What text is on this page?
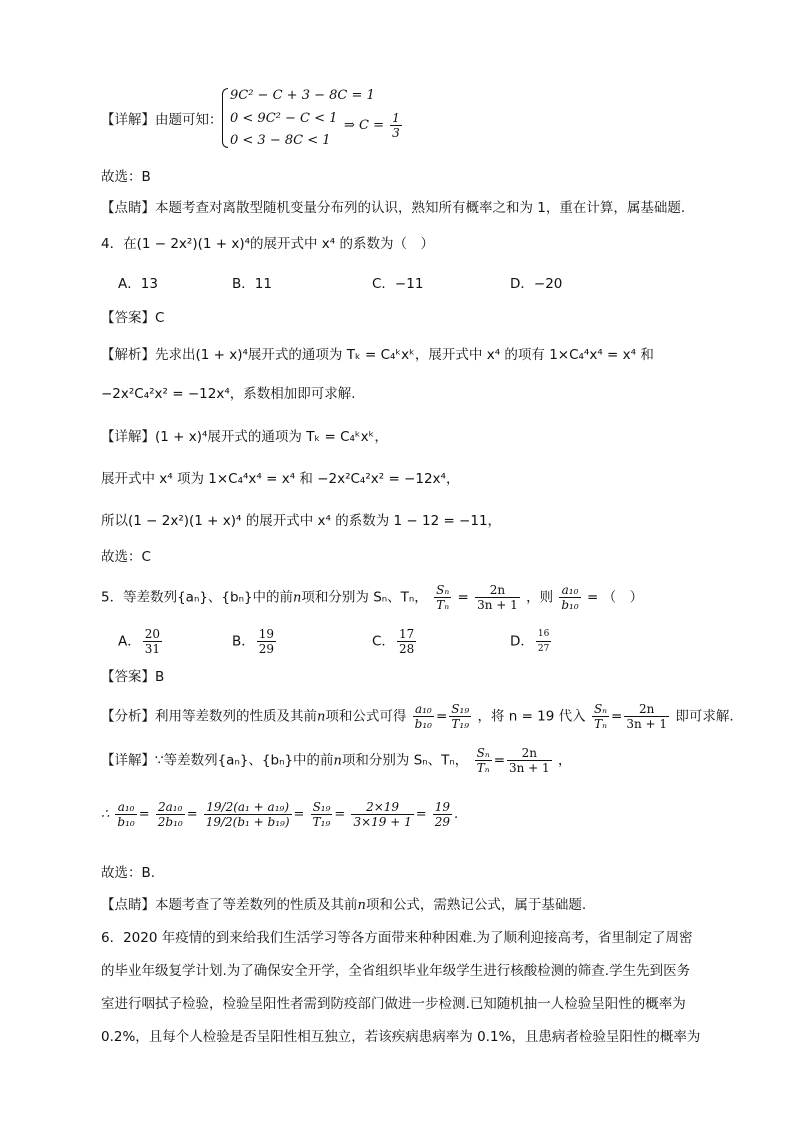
【详解】由题可知：
9C² − C + 3 − 8C = 1
0 < 9C² − C < 1
0 < 3 − 8C < 1
⇒ $C = \frac{1}{3}$
故选：B
【点睛】本题考查对离散型随机变量分布列的认识，熟知所有概率之和为 1，重在计算，属基础题.
4．在(1 − 2x²)(1 + x)⁴的展开式中 x⁴ 的系数为（　）
A．13	B．11	C．−11	D．−20
【答案】C
【解析】先求出(1 + x)⁴展开式的通项为 Tₖ = C₄ᵏxᵏ，展开式中 x⁴ 的项有 1×C₄⁴x⁴ = x⁴ 和
−2x²C₄²x² = −12x⁴，系数相加即可求解.
【详解】(1 + x)⁴展开式的通项为 Tₖ = C₄ᵏxᵏ，
展开式中 x⁴ 项为 1×C₄⁴x⁴ = x⁴ 和 −2x²C₄²x² = −12x⁴，
所以(1 − 2x²)(1 + x)⁴ 的展开式中 x⁴ 的系数为 1 − 12 = −11，
故选：C
5．等差数列{aₙ}、{bₙ}中的前n项和分别为 Sₙ、Tₙ， $\frac{\text{Sₙ}}{\text{Tₙ}} = \frac{2n}{3n + 1}$ ，则 $\frac{\text{a₁₀}}{\text{b₁₀}}$ = （　）
A． $\frac{20}{31}$	B． $\frac{19}{29}$	C． $\frac{17}{28}$	D． $\frac{16}{27}$
【答案】B
【分析】利用等差数列的性质及其前n项和公式可得 $\frac{\text{a₁₀}}{\text{b₁₀}} = \frac{\text{S₁₉}}{\text{T₁₉}}$ ，将 n = 19 代入 $\frac{\text{Sₙ}}{\text{Tₙ}} = \frac{2n}{3n + 1}$ 即可求解.
【详解】∵等差数列{aₙ}、{bₙ}中的前n项和分别为 Sₙ、Tₙ， $\frac{\text{Sₙ}}{\text{Tₙ}} = \frac{2n}{3n + 1}$ ，
∴ $\frac{\text{a₁₀}}{\text{b₁₀}} = \frac{\text{2a₁₀}}{\text{2b₁₀}} = \frac{\text{19/2(a₁ + a₁₉)}}{\text{19/2(b₁ + b₁₉)}} = \frac{\text{S₁₉}}{\text{T₁₉}} = \frac{2\times 19}{3\times 19 + 1} = \frac{19}{29}$ .
故选：B.
【点睛】本题考查了等差数列的性质及其前n项和公式，需熟记公式，属于基础题.
6．2020 年疫情的到来给我们生活学习等各方面带来种种困难.为了顺利迎接高考，省里制定了周密
的毕业年级复学计划.为了确保安全开学，全省组织毕业年级学生进行核酸检测的筛查.学生先到医务
室进行咽拭子检验，检验呈阳性者需到防疫部门做进一步检测.已知随机抽一人检验呈阳性的概率为
0.2%，且每个人检验是否呈阳性相互独立，若该疾病患病率为 0.1%，且患病者检验呈阳性的概率为
